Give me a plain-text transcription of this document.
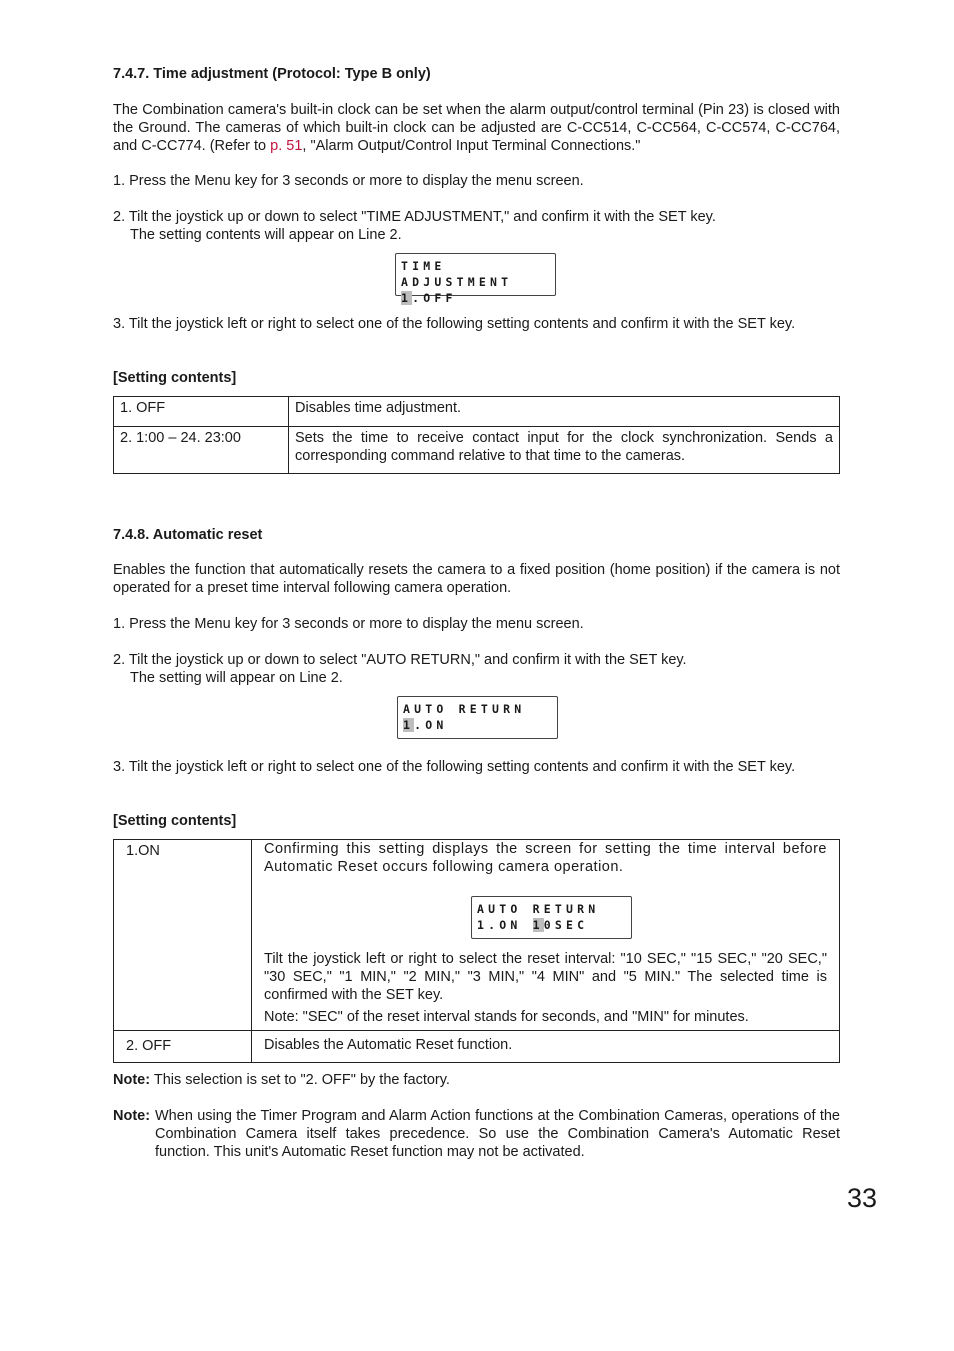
7.4.7. Time adjustment (Protocol: Type B only)

The Combination camera's built-in clock can be set when the alarm output/control terminal (Pin 23) is closed with the Ground. The cameras of which built-in clock can be adjusted are C-CC514, C-CC564, C-CC574, C-CC764, and C-CC774. (Refer to p. 51, "Alarm Output/Control Input Terminal Connections."

1. Press the Menu key for 3 seconds or more to display the menu screen.

2. Tilt the joystick up or down to select "TIME ADJUSTMENT," and confirm it with the SET key.

The setting contents will appear on Line 2.

TIME ADJUSTMENT
1.OFF

3. Tilt the joystick left or right to select one of the following setting contents and confirm it with the SET key.

[Setting contents]
1. OFF	Disables time adjustment.
2. 1:00 – 24. 23:00	Sets the time to receive contact input for the clock synchronization. Sends a corresponding command relative to that time to the cameras.
7.4.8. Automatic reset

Enables the function that automatically resets the camera to a fixed position (home position) if the camera is not operated for a preset time interval following camera operation.

1. Press the Menu key for 3 seconds or more to display the menu screen.

2. Tilt the joystick up or down to select "AUTO RETURN," and confirm it with the SET key.

The setting will appear on Line 2.

AUTO RETURN
1.ON

3. Tilt the joystick left or right to select one of the following setting contents and confirm it with the SET key.

[Setting contents]
1.ON	Confirming this setting displays the screen for setting the time interval before Automatic Reset occurs following camera operation.
AUTO RETURN
1.ON 10SEC
Tilt the joystick left or right to select the reset interval: "10 SEC," "15 SEC," "20 SEC," "30 SEC," "1 MIN," "2 MIN," "3 MIN," "4 MIN" and "5 MIN." The selected time is confirmed with the SET key.
Note: "SEC" of the reset interval stands for seconds, and "MIN" for minutes.

2. OFF	Disables the Automatic Reset function.

Note: This selection is set to "2. OFF" by the factory.

Note: When using the Timer Program and Alarm Action functions at the Combination Cameras, operations of the Combination Camera itself takes precedence. So use the Combination Camera's Automatic Reset function. This unit's Automatic Reset function may not be activated.

33
